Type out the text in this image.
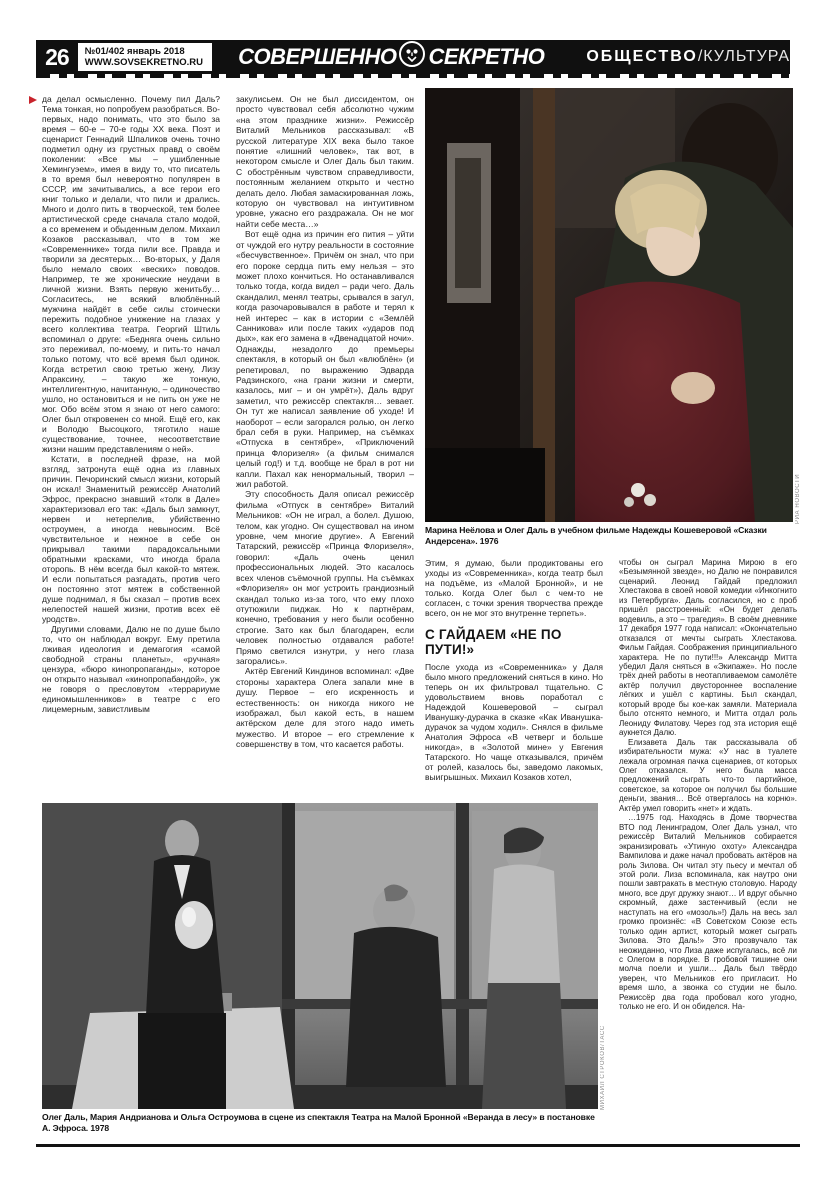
26	№01/402 январь 2018
WWW.SOVSEKRETNO.RU СОВЕРШЕННО СЕКРЕТНО	ОБЩЕСТВО /КУЛЬТУРА

да делал осмысленно. Почему пил Даль? Тема тонкая, но попробуем разобраться. Во-первых, надо понимать, что это было за время – 60-е – 70-е годы XX века. Поэт и сценарист Геннадий Шпаликов очень точно подметил одну из грустных правд о своём поколении: «Все мы – ушибленные Хемингуэем», имея в виду то, что писатель в то время был невероятно популярен в СССР, им зачитывались, а все герои его книг только и делали, что пили и дрались. Много и долго пить в творческой, тем более артистической среде сначала стало модой, а со временем и обыденным делом. Михаил Козаков рассказывал, что в том же «Современнике» тогда пили все. Правда и творили за десятерых… Во-вторых, у Даля было немало своих «веских» поводов. Например, те же хронические неудачи в личной жизни. Взять первую женитьбу… Согласитесь, не всякий влюблённый мужчина найдёт в себе силы стоически пережить подобное унижение на глазах у всего коллектива театра. Георгий Штиль вспоминал о друге: «Бедняга очень сильно это переживал, по-моему, и пить-то начал только потому, что всё время был одинок. Когда встретил свою третью жену, Лизу Апраксину, – такую же тонкую, интеллигентную, начитанную, – одиночество ушло, но остановиться и не пить он уже не мог. Обо всём этом я знаю от него самого: Олег был откровенен со мной. Ещё его, как и Володю Высоцкого, тяготило наше существование, точнее, несоответствие жизни нашим представлениям о ней».

Кстати, в последней фразе, на мой взгляд, затронута ещё одна из главных причин. Печоринский смысл жизни, который он искал! Знаменитый режиссёр Анатолий Эфрос, прекрасно знавший «толк в Дале» характеризовал его так: «Даль был замкнут, нервен и нетерпелив, убийственно остроумен, а иногда невыносим. Всё чувствительное и нежное в себе он прикрывал такими парадоксальными обратными красками, что иногда брала оторопь. В нём всегда был какой-то мятеж. И если попытаться разгадать, против чего он постоянно этот мятеж в собственной душе поднимал, я бы сказал – против всех нелепостей нашей жизни, против всех её уродств».

Другими словами, Далю не по душе было то, что он наблюдал вокруг. Ему претила лживая идеология и демагогия «самой свободной страны планеты», «ручная» цензура, «бюро кинопропаганды», которое он открыто называл «кинопропабандой», уж не говоря о пресловутом «террариуме единомышленников» в театре с его лицемерным, завистливым

закулисьем. Он не был диссидентом, он просто чувствовал себя абсолютно чужим «на этом празднике жизни». Режиссёр Виталий Мельников рассказывал: «В русской литературе XIX века было такое понятие «лишний человек», так вот, в некотором смысле и Олег Даль был таким. С обострённым чувством справедливости, постоянным желанием открыто и честно делать дело. Любая замаскированная ложь, которую он чувствовал на интуитивном уровне, ужасно его раздражала. Он не мог найти себе места…»

Вот ещё одна из причин его пития – уйти от чуждой его нутру реальности в состояние «бесчувственное». Причём он знал, что при его пороке сердца пить ему нельзя – это может плохо кончиться. Но останавливался только тогда, когда видел – ради чего. Даль скандалил, менял театры, срывался в загул, когда разочаровывался в работе и терял к ней интерес – как в истории с «Землёй Санникова» или после таких «ударов под дых», как его замена в «Двенадцатой ночи». Однажды, незадолго до премьеры спектакля, в который он был «влюблён» (и репетировал, по выражению Эдварда Радзинского, «на грани жизни и смерти, казалось, миг – и он умрёт»), Даль вдруг заметил, что режиссёр спектакля… зевает. Он тут же написал заявление об уходе! И наоборот – если загорался ролью, он легко брал себя в руки. Например, на съёмках «Отпуска в сентябре», «Приключений принца Флоризеля» (а фильм снимался целый год!) и т.д. вообще не брал в рот ни капли. Пахал как ненормальный, творил – жил работой.

Эту способность Даля описал режиссёр фильма «Отпуск в сентябре» Виталий Мельников: «Он не играл, а болел. Душою, телом, как угодно. Он существовал на ином уровне, чем многие другие». А Евгений Татарский, режиссёр «Принца Флоризеля», говорил: «Даль очень ценил профессиональных людей. Это касалось всех членов съёмочной группы. На съёмках «Флоризеля» он мог устроить грандиозный скандал только из-за того, что ему плохо отутюжили пиджак. Но к партнёрам, конечно, требования у него были особенно строгие. Зато как был благодарен, если человек полностью отдавался работе! Прямо светился изнутри, у него глаза загорались».

Актёр Евгений Киндинов вспоминал: «Две стороны характера Олега запали мне в душу. Первое – его искренность и естественность: он никогда никого не изображал, был какой есть, в нашем актёрском деле для этого надо иметь мужество. И второе – его стремление к совершенству в том, что касается работы.

Этим, я думаю, были продиктованы его уходы из «Современника», когда театр был на подъёме, из «Малой Бронной», и не только. Когда Олег был с чем-то не согласен, с точки зрения творчества прежде всего, он не мог это внутренне терпеть».

С ГАЙДАЕМ «НЕ ПО ПУТИ!»

После ухода из «Современника» у Даля было много предложений сняться в кино. Но теперь он их фильтровал тщательно. С удовольствием вновь поработал с Надеждой Кошеверовой – сыграл Иванушку-дурачка в сказке «Как Иванушка-дурачок за чудом ходил». Снялся в фильме Анатолия Эфроса «В четверг и больше никогда», в «Золотой мине» у Евгения Татарского. Но чаще отказывался, причём от ролей, казалось бы, заведомо лакомых, выигрышных. Михаил Козаков хотел,

чтобы он сыграл Марина Мирою в его «Безымянной звезде», но Далю не понравился сценарий. Леонид Гайдай предложил Хлестакова в своей новой комедии «Инкогнито из Петербурга». Даль согласился, но с проб пришёл расстроенный: «Он будет делать водевиль, а это – трагедия». В своём дневнике 17 декабря 1977 года написал: «Окончательно отказался от мечты сыграть Хлестакова. Фильм Гайдая. Соображения принципиального характера. Не по пути!!!» Александр Митта убедил Даля сняться в «Экипаже». Но после трёх дней работы в неотапливаемом самолёте актёр получил двустороннее воспаление лёгких и ушёл с картины. Был скандал, который вроде бы кое-как замяли. Материала было отснято немного, и Митта отдал роль Леониду Филатову. Через год эта история ещё аукнется Далю.

Елизавета Даль так рассказывала об избирательности мужа: «У нас в туалете лежала огромная пачка сценариев, от которых Олег отказался. У него была масса предложений сыграть что-то партийное, советское, за которое он получил бы большие деньги, звания… Всё отвергалось на корню». Актёр умел говорить «нет» и ждать.

…1975 год. Находясь в Доме творчества ВТО под Ленинградом, Олег Даль узнал, что режиссёр Виталий Мельников собирается экранизировать «Утиную охоту» Александра Вампилова и даже начал пробовать актёров на роль Зилова. Он читал эту пьесу и мечтал об этой роли. Лиза вспоминала, как наутро они пошли завтракать в местную столовую. Народу много, все друг дружку знают… И вдруг обычно скромный, даже застенчивый (если не наступать на его «мозоль»!) Даль на весь зал громко произнёс: «В Советском Союзе есть только один артист, который может сыграть Зилова. Это Даль!» Это прозвучало так неожиданно, что Лиза даже испугалась, всё ли с Олегом в порядке. В гробовой тишине они молча поели и ушли… Даль был твёрдо уверен, что Мельников его пригласит. Но время шло, а звонка со студии не было. Режиссёр два года пробовал кого угодно, только не его. И он обиделся. На-

Марина Неёлова и Олег Даль в учебном фильме Надежды Кошеверовой «Сказки Андерсена». 1976
РИА НОВОСТИ
Олег Даль, Мария Андрианова и Ольга Остроумова в сцене из спектакля Театра на Малой Бронной «Веранда в лесу» в постановке А. Эфроса. 1978
МИХАИЛ СТРОКОВ/ТАСС
